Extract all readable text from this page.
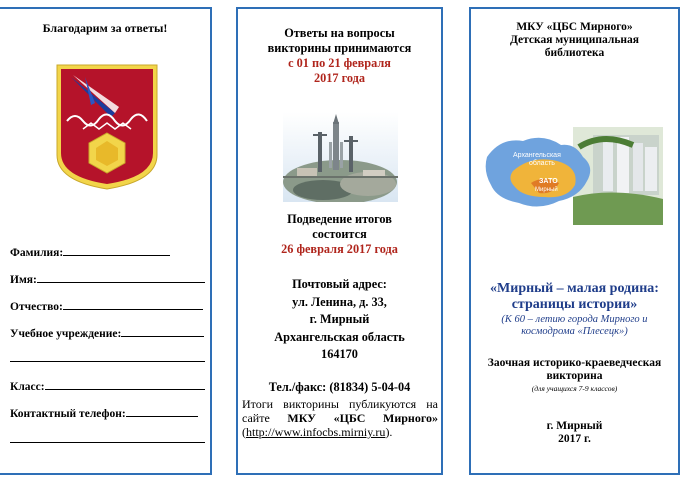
Благодарим за ответы!
Фамилия:
Имя:
Отчество:
Учебное учреждение:
Класс:
Контактный телефон:
Ответы на вопросы
викторины принимаются
с 01 по 21 февраля
2017 года
Подведение итогов
состоится
26 февраля 2017 года
Почтовый адрес:
ул. Ленина, д. 33,
г. Мирный
Архангельская область
164170
Тел./факс: (81834) 5-04-04
Итоги викторины публикуются на сайте МКУ «ЦБС Мирного» (http://www.infocbs.mirniy.ru).
МКУ «ЦБС Мирного»
Детская муниципальная
библиотека
Архангельская
область
ЗАТО
Мирный
«Мирный – малая родина:
страницы истории»
(К 60 – летию города Мирного и
космодрома «Плесецк»)
Заочная историко-краеведческая
викторина
(для учащихся 7-9 классов)
г. Мирный
2017 г.
